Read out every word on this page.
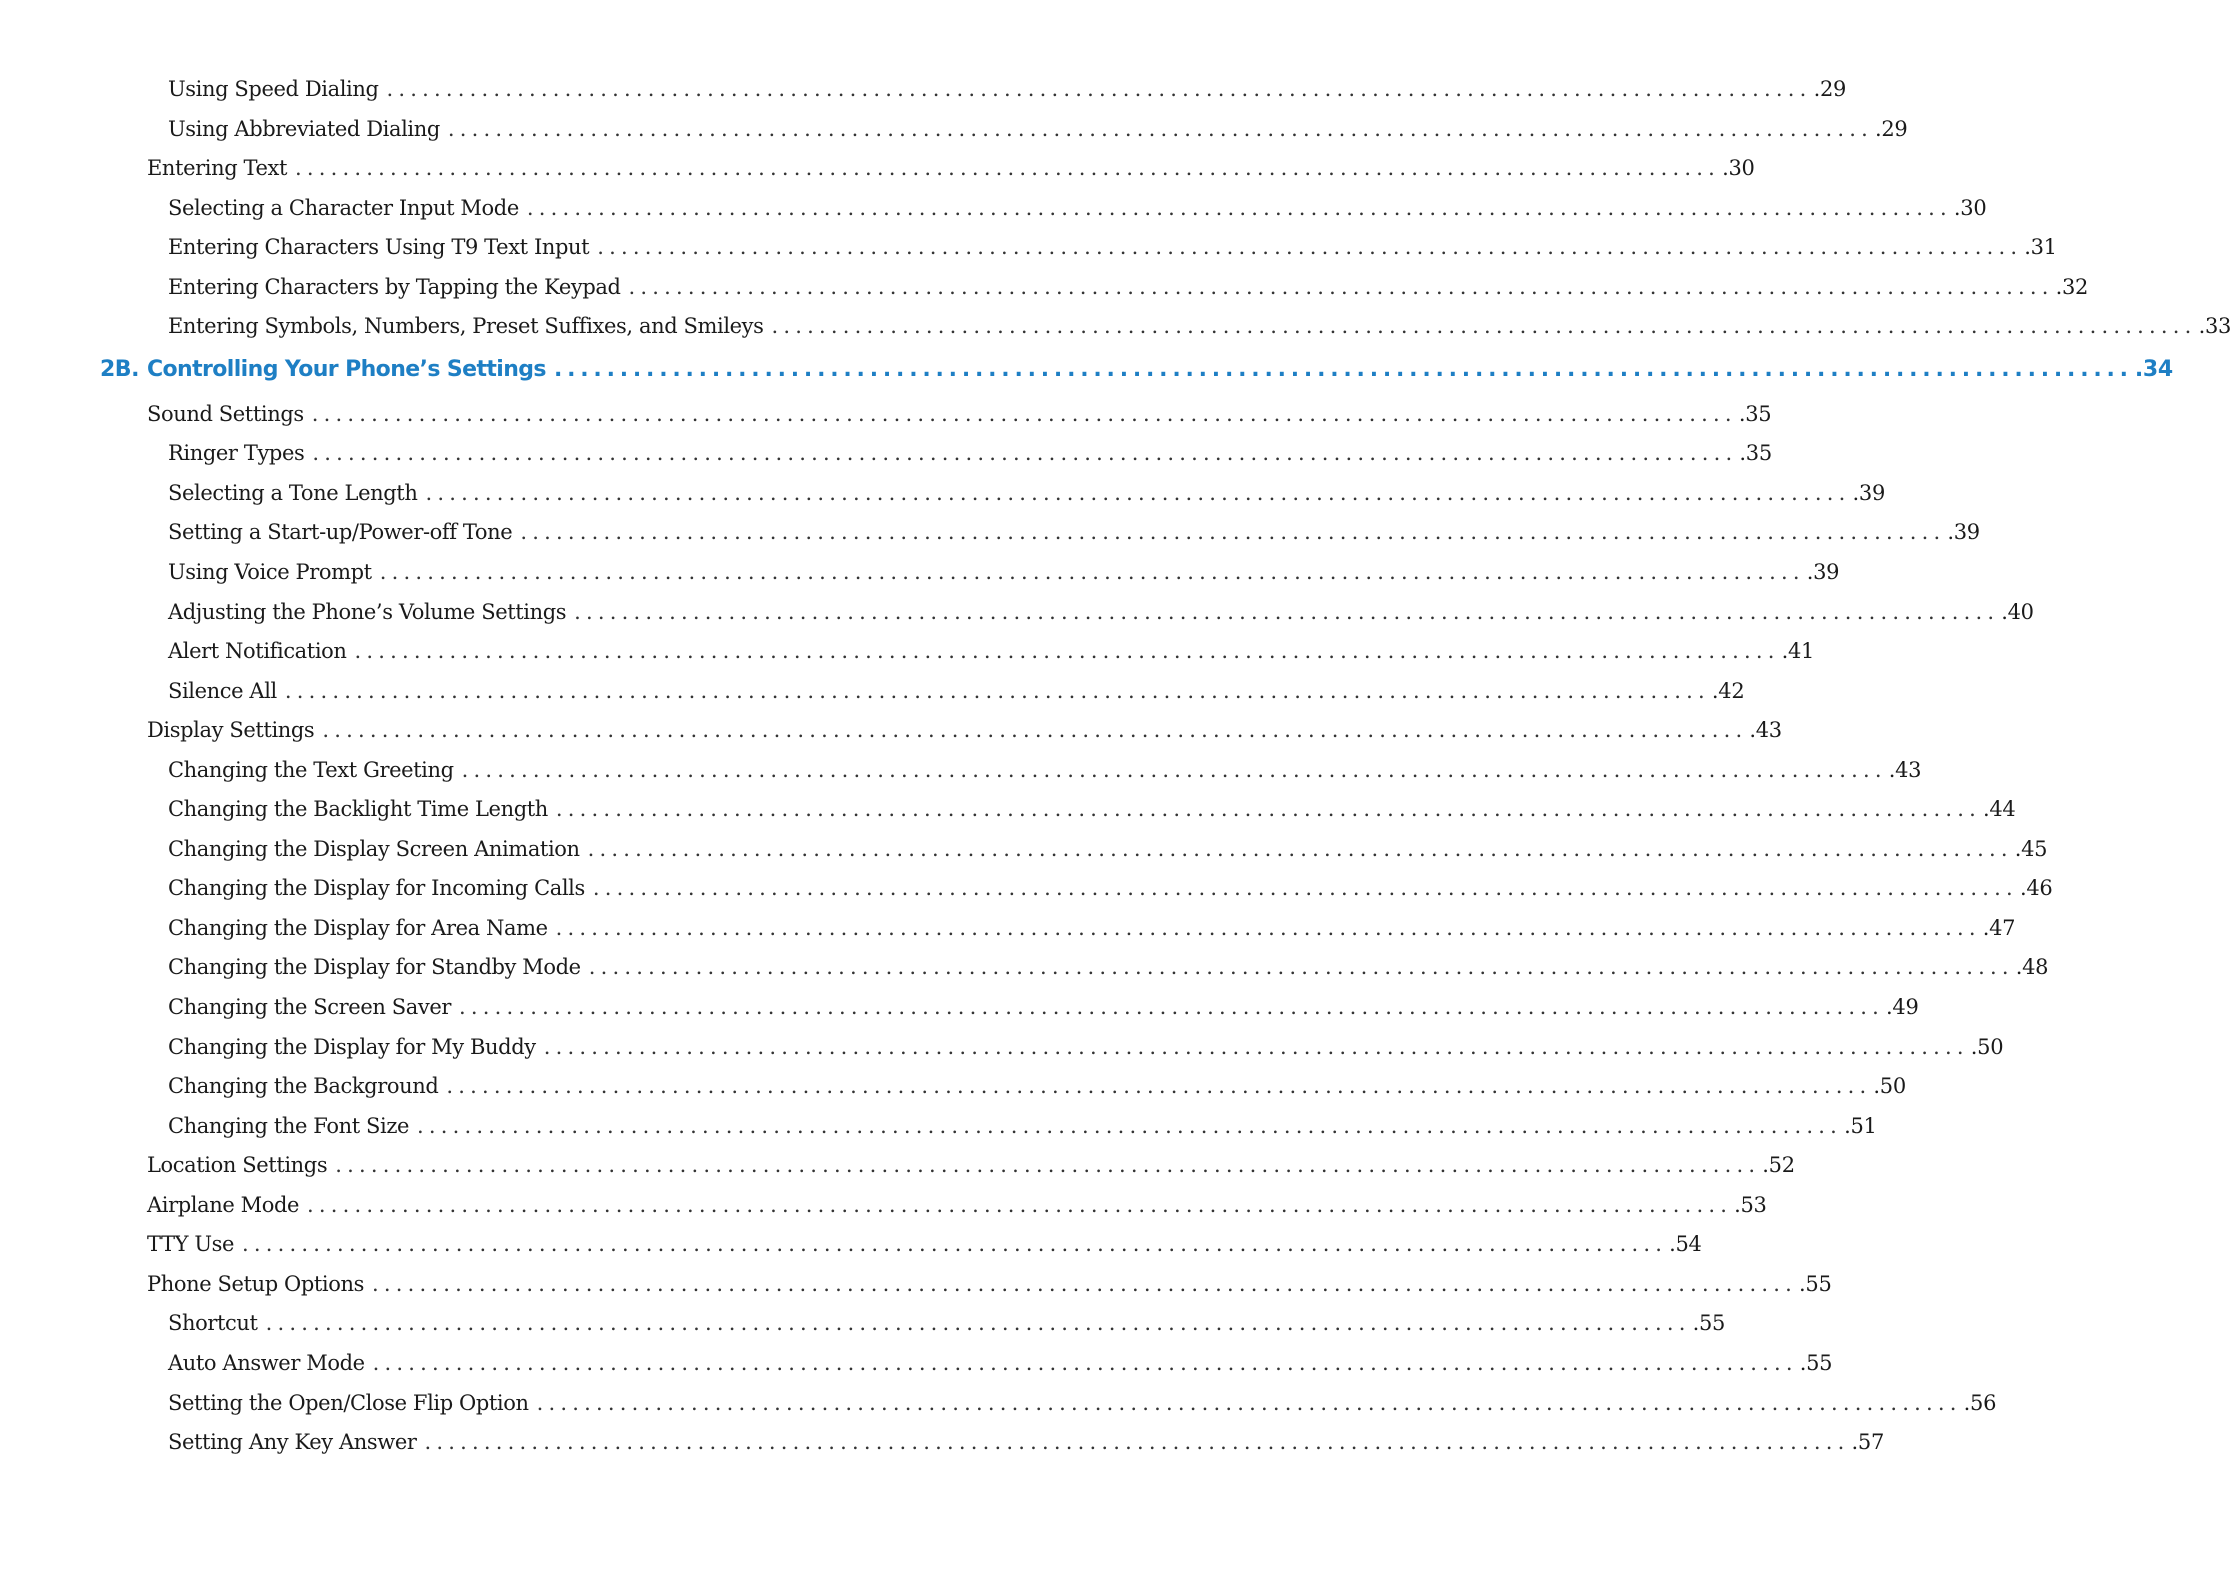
Using Speed Dialing ........................................................................................................................ .29
Using Abbreviated Dialing ........................................................................................................................ .29
Entering Text ........................................................................................................................ .30
Selecting a Character Input Mode ........................................................................................................................ .30
Entering Characters Using T9 Text Input ........................................................................................................................ .31
Entering Characters by Tapping the Keypad ........................................................................................................................ .32
Entering Symbols, Numbers, Preset Suffixes, and Smileys ........................................................................................................................ .33
2B. Controlling Your Phone’s Settings ........................................................................................................................ .34
Sound Settings ........................................................................................................................ .35
Ringer Types ........................................................................................................................ .35
Selecting a Tone Length ........................................................................................................................ .39
Setting a Start-up/Power-off Tone ........................................................................................................................ .39
Using Voice Prompt ........................................................................................................................ .39
Adjusting the Phone’s Volume Settings ........................................................................................................................ .40
Alert Notification ........................................................................................................................ .41
Silence All ........................................................................................................................ .42
Display Settings ........................................................................................................................ .43
Changing the Text Greeting ........................................................................................................................ .43
Changing the Backlight Time Length ........................................................................................................................ .44
Changing the Display Screen Animation ........................................................................................................................ .45
Changing the Display for Incoming Calls ........................................................................................................................ .46
Changing the Display for Area Name ........................................................................................................................ .47
Changing the Display for Standby Mode ........................................................................................................................ .48
Changing the Screen Saver ........................................................................................................................ .49
Changing the Display for My Buddy ........................................................................................................................ .50
Changing the Background ........................................................................................................................ .50
Changing the Font Size ........................................................................................................................ .51
Location Settings ........................................................................................................................ .52
Airplane Mode ........................................................................................................................ .53
TTY Use ........................................................................................................................ .54
Phone Setup Options ........................................................................................................................ .55
Shortcut ........................................................................................................................ .55
Auto Answer Mode ........................................................................................................................ .55
Setting the Open/Close Flip Option ........................................................................................................................ .56
Setting Any Key Answer ........................................................................................................................ .57
